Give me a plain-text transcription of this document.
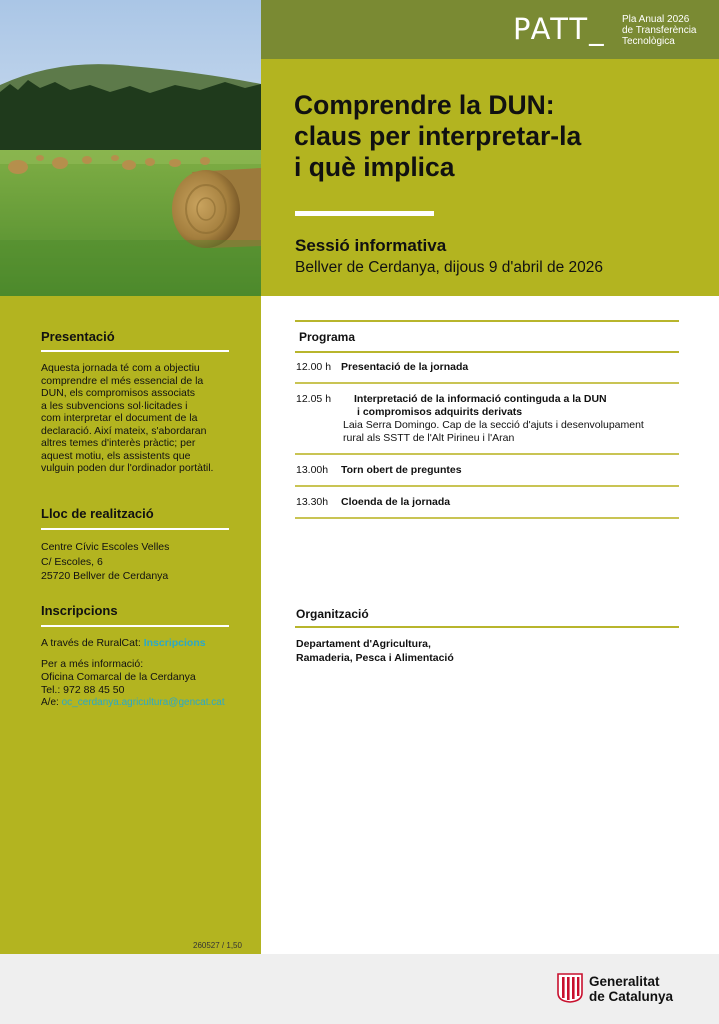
PATT_ Pla Anual 2026
de Transferència
Tecnològica
Comprendre la DUN:
claus per interpretar-la
i què implica
Sessió informativa
Bellver de Cerdanya, dijous 9 d'abril de 2026
Presentació
Aquesta jornada té com a objectiu
comprendre el més essencial de la
DUN, els compromisos associats
a les subvencions sol·licitades i
com interpretar el document de la
declaració. Així mateix, s'abordaran
altres temes d'interès pràctic; per
aquest motiu, els assistents que
vulguin poden dur l'ordinador portàtil.
Lloc de realització
Centre Cívic Escoles Velles
C/ Escoles, 6
25720 Bellver de Cerdanya
Inscripcions
A través de RuralCat: Inscripcions
Per a més informació:
Oficina Comarcal de la Cerdanya
Tel.: 972 88 45 50
A/e: oc_cerdanya.agricultura@gencat.cat
260527 / 1,50
Programa
12.00 h Presentació de la jornada
12.05 h Interpretació de la informació continguda a la DUN
i compromisos adquirits derivats
Laia Serra Domingo. Cap de la secció d'ajuts i desenvolupament
rural als SSTT de l'Alt Pirineu i l'Aran
13.00h Torn obert de preguntes
13.30h Cloenda de la jornada
Organització
Departament d'Agricultura,
Ramaderia, Pesca i Alimentació
Generalitat
de Catalunya
